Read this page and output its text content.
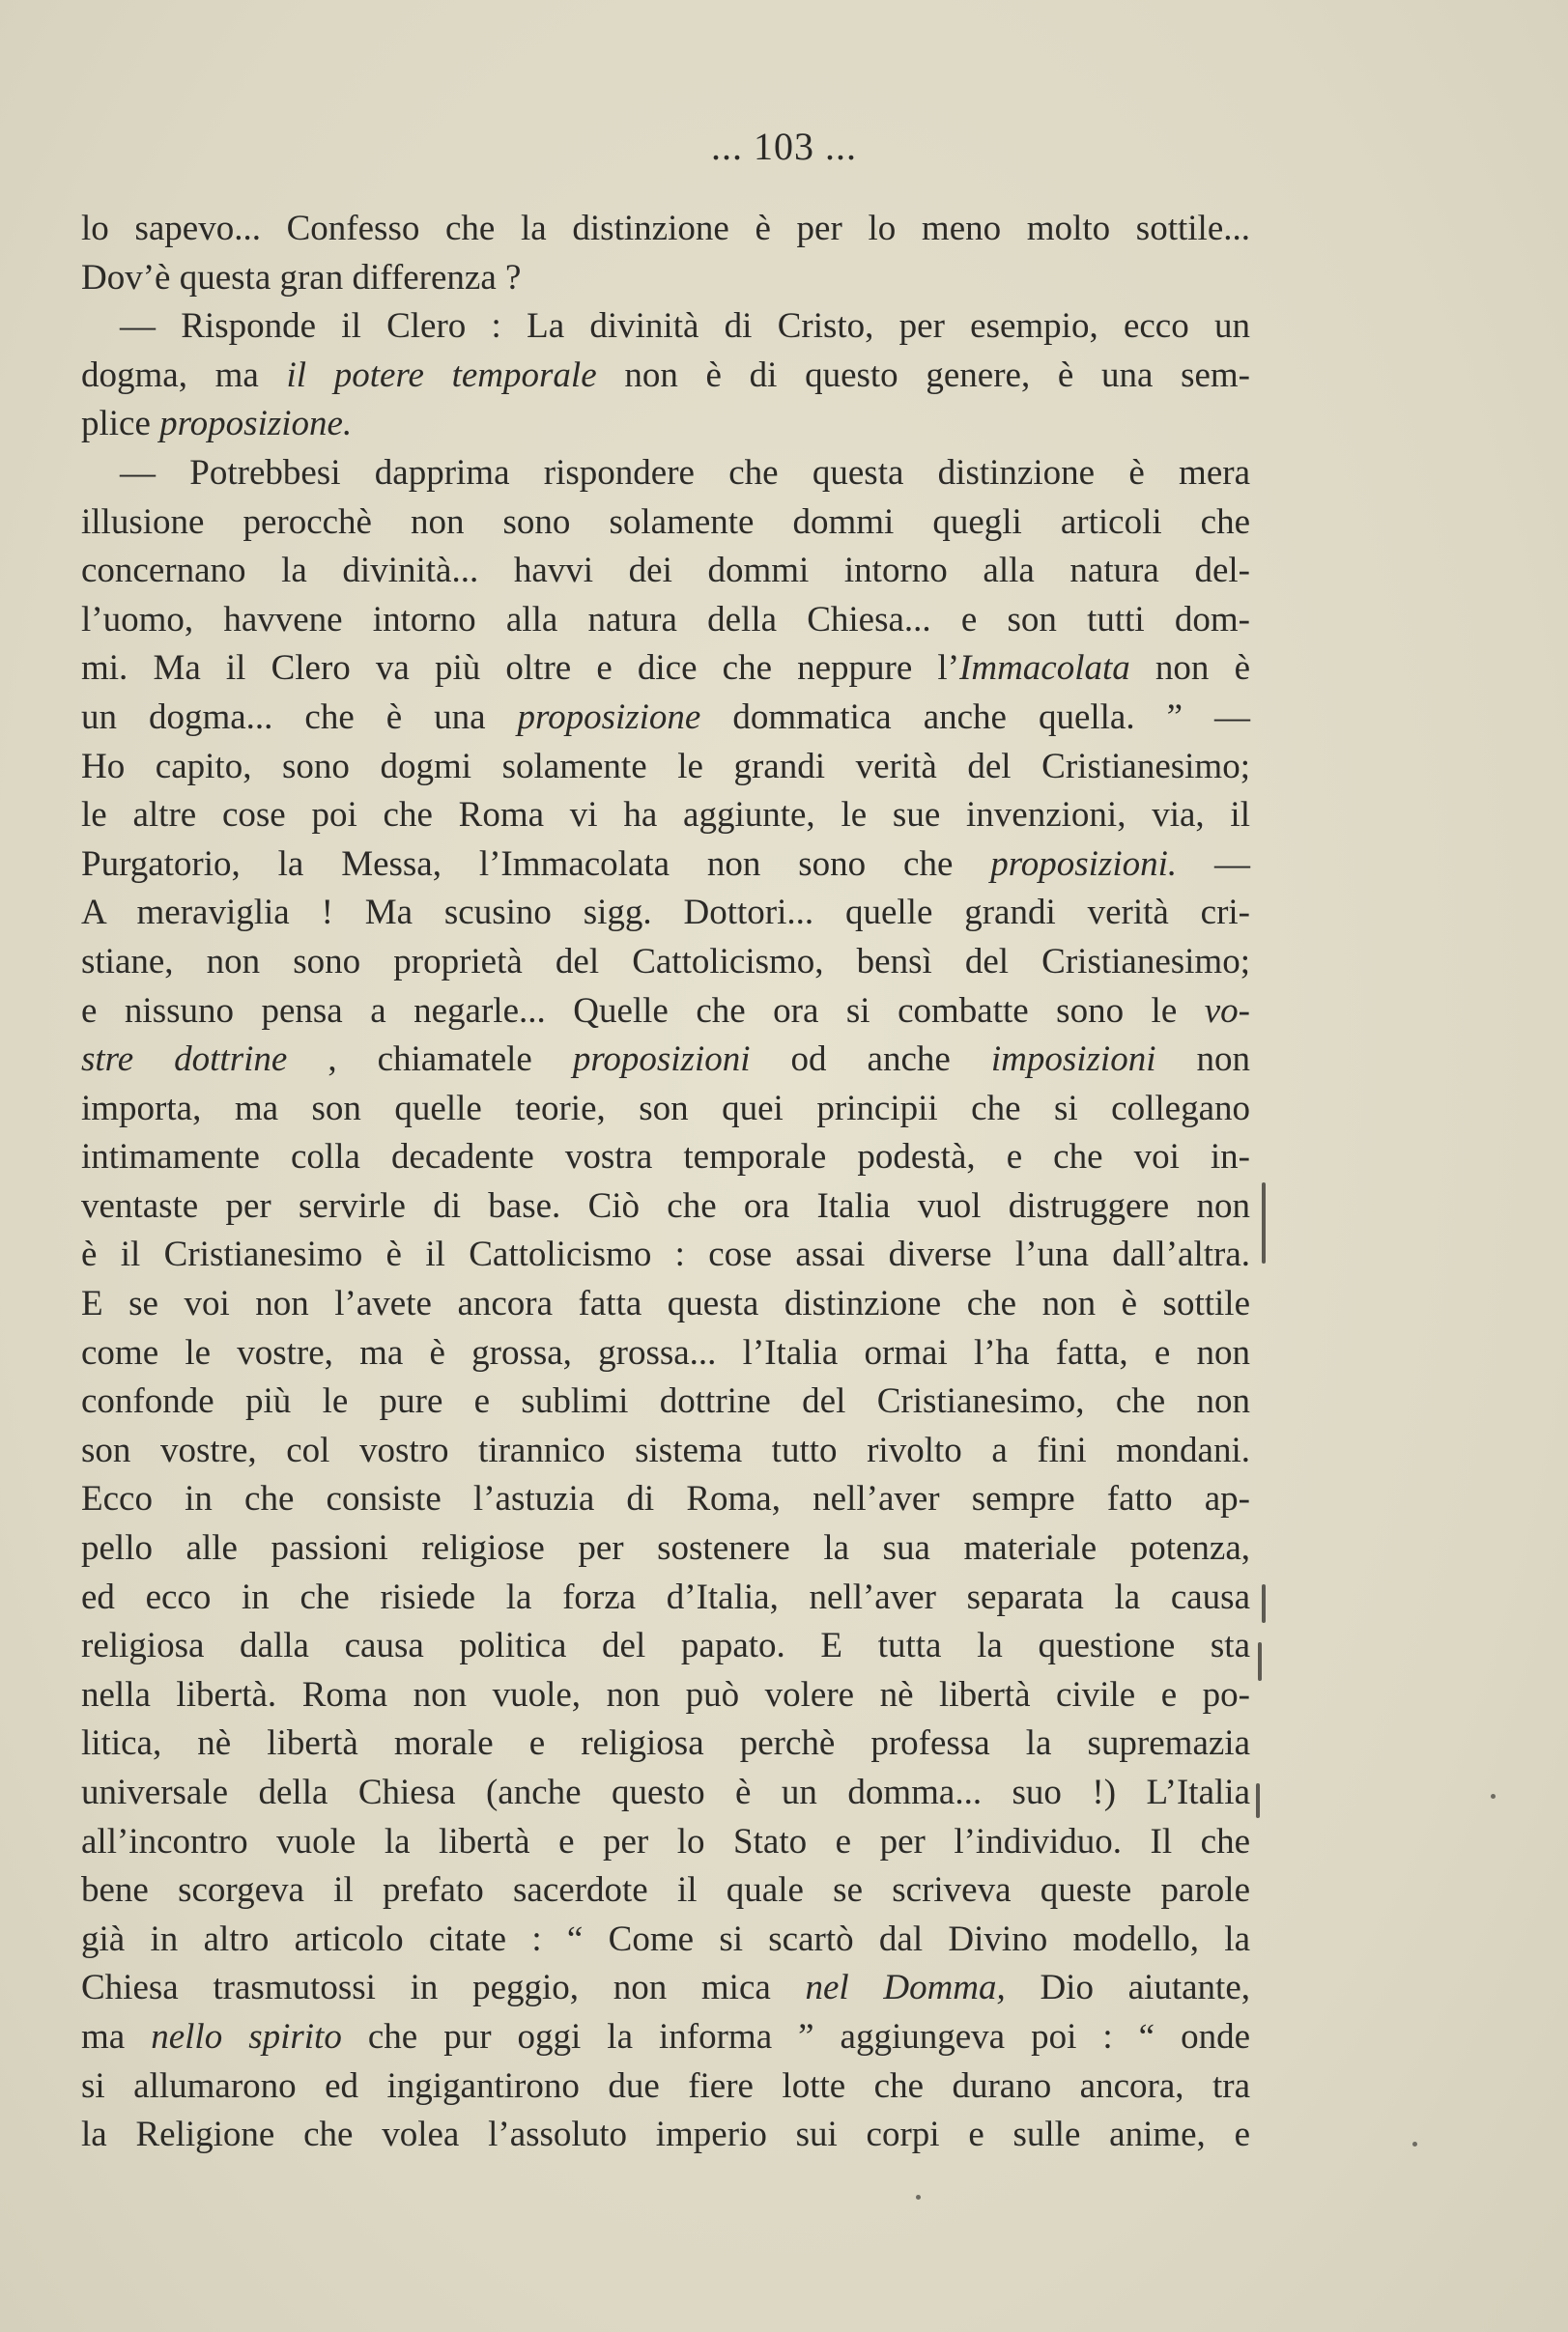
... 103 ...
lo sapevo... Confesso che la distinzione è per lo meno molto sottile...
Dov’è questa gran differenza ?
— Risponde il Clero : La divinità di Cristo, per esempio, ecco un
dogma, ma il potere temporale non è di questo genere, è una sem-
plice proposizione.
— Potrebbesi dapprima rispondere che questa distinzione è mera
illusione perocchè non sono solamente dommi quegli articoli che
concernano la divinità... havvi dei dommi intorno alla natura del-
l’uomo, havvene intorno alla natura della Chiesa... e son tutti dom-
mi. Ma il Clero va più oltre e dice che neppure l’Immacolata non è
un dogma... che è una proposizione dommatica anche quella. ” —
Ho capito, sono dogmi solamente le grandi verità del Cristianesimo;
le altre cose poi che Roma vi ha aggiunte, le sue invenzioni, via, il
Purgatorio, la Messa, l’Immacolata non sono che proposizioni. —
A meraviglia ! Ma scusino sigg. Dottori... quelle grandi verità cri-
stiane, non sono proprietà del Cattolicismo, bensì del Cristianesimo;
e nissuno pensa a negarle... Quelle che ora si combatte sono le vo-
stre dottrine , chiamatele proposizioni od anche imposizioni non
importa, ma son quelle teorie, son quei principii che si collegano
intimamente colla decadente vostra temporale podestà, e che voi in-
ventaste per servirle di base. Ciò che ora Italia vuol distruggere non
è il Cristianesimo è il Cattolicismo : cose assai diverse l’una dall’altra.
E se voi non l’avete ancora fatta questa distinzione che non è sottile
come le vostre, ma è grossa, grossa... l’Italia ormai l’ha fatta, e non
confonde più le pure e sublimi dottrine del Cristianesimo, che non
son vostre, col vostro tirannico sistema tutto rivolto a fini mondani.
Ecco in che consiste l’astuzia di Roma, nell’aver sempre fatto ap-
pello alle passioni religiose per sostenere la sua materiale potenza,
ed ecco in che risiede la forza d’Italia, nell’aver separata la causa
religiosa dalla causa politica del papato. E tutta la questione sta
nella libertà. Roma non vuole, non può volere nè libertà civile e po-
litica, nè libertà morale e religiosa perchè professa la supremazia
universale della Chiesa (anche questo è un domma... suo !) L’Italia
all’incontro vuole la libertà e per lo Stato e per l’individuo. Il che
bene scorgeva il prefato sacerdote il quale se scriveva queste parole
già in altro articolo citate : “ Come si scartò dal Divino modello, la
Chiesa trasmutossi in peggio, non mica nel Domma, Dio aiutante,
ma nello spirito che pur oggi la informa ” aggiungeva poi : “ onde
si allumarono ed ingigantirono due fiere lotte che durano ancora, tra
la Religione che volea l’assoluto imperio sui corpi e sulle anime, e
